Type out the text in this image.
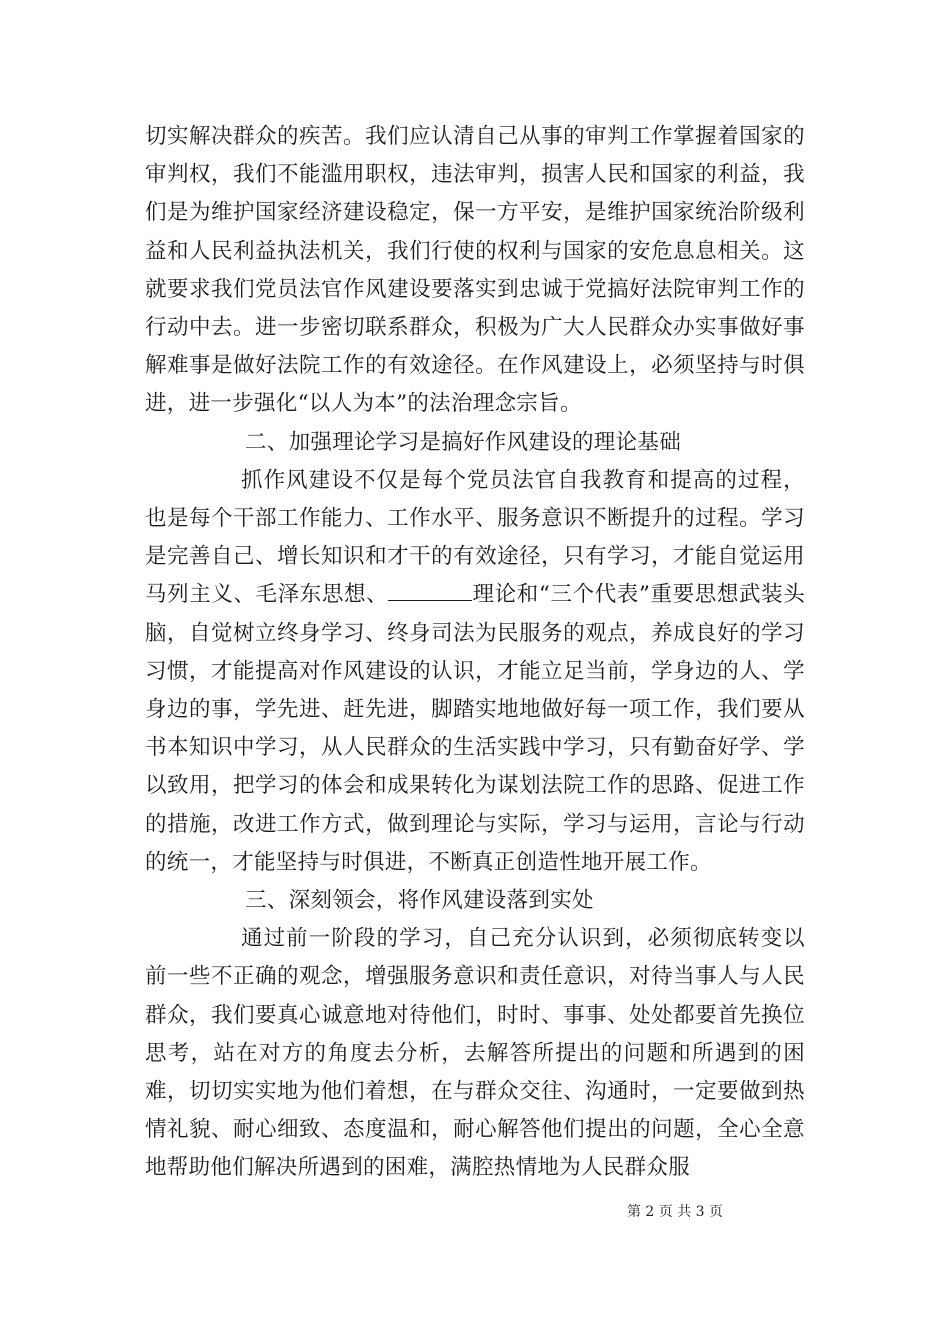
切实解决群众的疾苦。我们应认清自己从事的审判工作掌握着国家的审判权，我们不能滥用职权，违法审判，损害人民和国家的利益，我们是为维护国家经济建设稳定，保一方平安，是维护国家统治阶级利益和人民利益执法机关，我们行使的权利与国家的安危息息相关。这就要求我们党员法官作风建设要落实到忠诚于党搞好法院审判工作的行动中去。进一步密切联系群众，积极为广大人民群众办实事做好事解难事是做好法院工作的有效途径。在作风建设上，必须坚持与时俱进，进一步强化“以人为本”的法治理念宗旨。

二、加强理论学习是搞好作风建设的理论基础

抓作风建设不仅是每个党员法官自我教育和提高的过程，也是每个干部工作能力、工作水平、服务意识不断提升的过程。学习是完善自己、增长知识和才干的有效途径，只有学习，才能自觉运用马列主义、毛泽东思想、	理论和“三个代表”重要思想武装头脑，自觉树立终身学习、终身司法为民服务的观点，养成良好的学习习惯，才能提高对作风建设的认识，才能立足当前，学身边的人、学身边的事，学先进、赶先进，脚踏实地地做好每一项工作，我们要从书本知识中学习，从人民群众的生活实践中学习，只有勤奋好学、学以致用，把学习的体会和成果转化为谋划法院工作的思路、促进工作的措施，改进工作方式，做到理论与实际，学习与运用，言论与行动的统一，才能坚持与时俱进，不断真正创造性地开展工作。

三、深刻领会，将作风建设落到实处

通过前一阶段的学习，自己充分认识到，必须彻底转变以前一些不正确的观念，增强服务意识和责任意识，对待当事人与人民群众，我们要真心诚意地对待他们，时时、事事、处处都要首先换位思考，站在对方的角度去分析，去解答所提出的问题和所遇到的困难，切切实实地为他们着想，在与群众交往、沟通时，一定要做到热情礼貌、耐心细致、态度温和，耐心解答他们提出的问题，全心全意地帮助他们解决所遇到的困难，满腔热情地为人民群众服

第 2 页 共 3 页
